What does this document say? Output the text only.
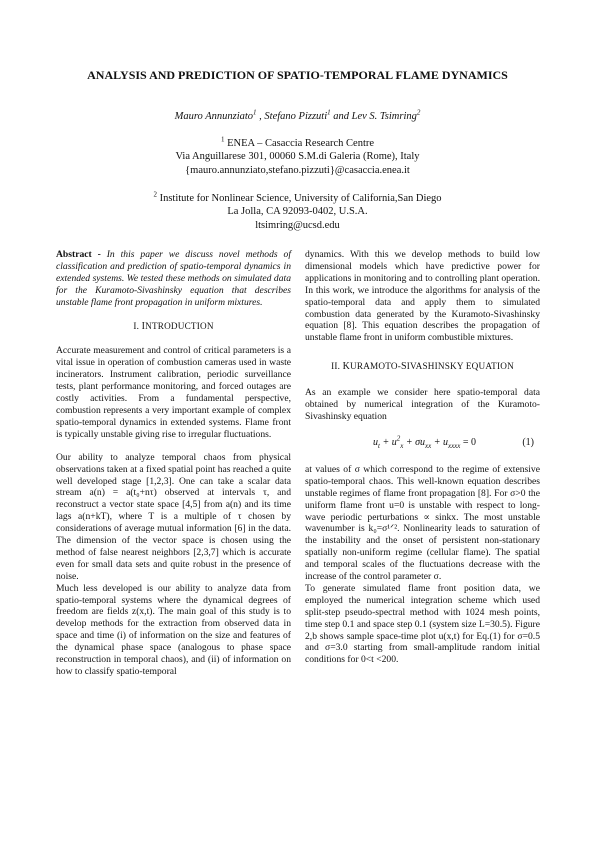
ANALYSIS AND PREDICTION OF SPATIO-TEMPORAL FLAME DYNAMICS
Mauro Annunziato$^1$ , Stefano Pizzuti$^1$ and Lev S. Tsimring$^2$
$^1$ ENEA – Casaccia Research Centre
Via Anguillarese 301, 00060 S.M.di Galeria (Rome), Italy
{mauro.annunziato,stefano.pizzuti}@casaccia.enea.it
$^2$ Institute for Nonlinear Science, University of California,San Diego
La Jolla, CA 92093-0402, U.S.A.
ltsimring@ucsd.edu

Abstract - In this paper we discuss novel methods of classification and prediction of spatio-temporal dynamics in extended systems. We tested these methods on simulated data for the Kuramoto-Sivashinsky equation that describes unstable flame front propagation in uniform mixtures.

I. INTRODUCTION

Accurate measurement and control of critical parameters is a vital issue in operation of combustion cameras used in waste incinerators. Instrument calibration, periodic surveillance tests, plant performance monitoring, and forced outages are costly activities. From a fundamental perspective, combustion represents a very important example of complex spatio-temporal dynamics in extended systems. Flame front is typically unstable giving rise to irregular fluctuations.

Our ability to analyze temporal chaos from physical observations taken at a fixed spatial point has reached a quite well developed stage [1,2,3]. One can take a scalar data stream a(n) = a(t₀+nτ) observed at intervals τ, and reconstruct a vector state space [4,5] from a(n) and its time lags a(n+kT), where T is a multiple of τ chosen by considerations of average mutual information [6] in the data. The dimension of the vector space is chosen using the method of false nearest neighbors [2,3,7] which is accurate even for small data sets and quite robust in the presence of noise.

Much less developed is our ability to analyze data from spatio-temporal systems where the dynamical degrees of freedom are fields z(x,t). The main goal of this study is to develop methods for the extraction from observed data in space and time (i) of information on the size and features of the dynamical phase space (analogous to phase space reconstruction in temporal chaos), and (ii) of information on how to classify spatio-temporal

dynamics. With this we develop methods to build low dimensional models which have predictive power for applications in monitoring and to controlling plant operation. In this work, we introduce the algorithms for analysis of the spatio-temporal data and apply them to simulated combustion data generated by the Kuramoto-Sivashinsky equation [8]. This equation describes the propagation of unstable flame front in uniform combustible mixtures.

II. KURAMOTO-SIVASHINSKY EQUATION

As an example we consider here spatio-temporal data obtained by numerical integration of the Kuramoto-Sivashinsky equation

$u_t + u^2_x + \sigma u_{xx} + u_{xxxx} = 0$	(1)

at values of σ which correspond to the regime of extensive spatio-temporal chaos. This well-known equation describes unstable regimes of flame front propagation [8]. For σ>0 the uniform flame front u=0 is unstable with respect to long-wave periodic perturbations ∝ sinkx. The most unstable wavenumber is k₀=σ¹ᐟ². Nonlinearity leads to saturation of the instability and the onset of persistent non-stationary spatially non-uniform regime (cellular flame). The spatial and temporal scales of the fluctuations decrease with the increase of the control parameter σ.

To generate simulated flame front position data, we employed the numerical integration scheme which used split-step pseudo-spectral method with 1024 mesh points, time step 0.1 and space step 0.1 (system size L=30.5). Figure 2,b shows sample space-time plot u(x,t) for Eq.(1) for σ=0.5 and σ=3.0 starting from small-amplitude random initial conditions for 0<t <200.
